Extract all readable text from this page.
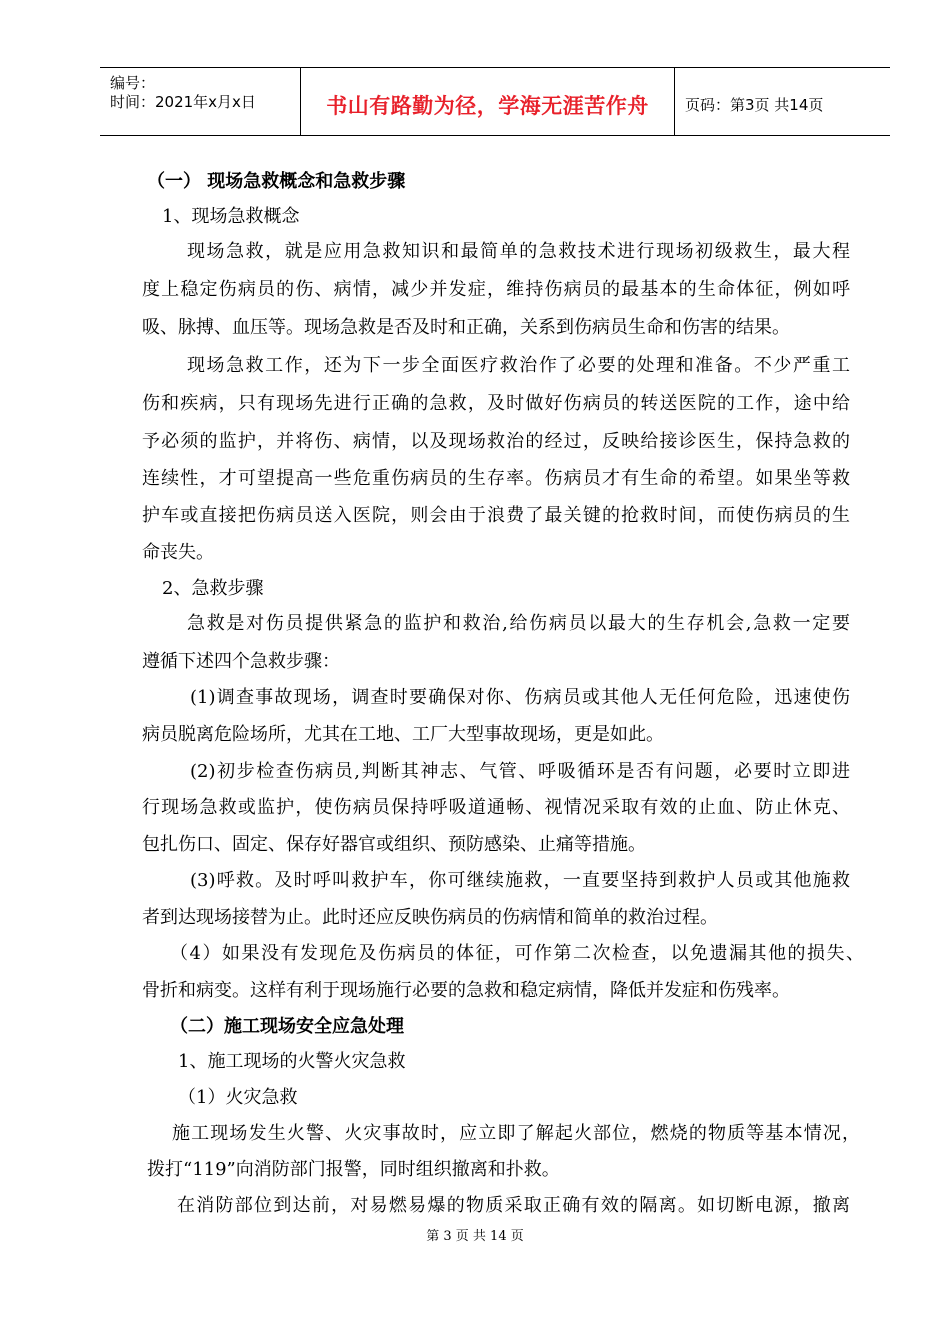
编号：
时间：2021年x月x日	书山有路勤为径，学海无涯苦作舟	页码：第3页 共14页
（一） 现场急救概念和急救步骤
1、现场急救概念
现场急救，就是应用急救知识和最简单的急救技术进行现场初级救生，最大程
度上稳定伤病员的伤、病情，减少并发症，维持伤病员的最基本的生命体征，例如呼
吸、脉搏、血压等。现场急救是否及时和正确，关系到伤病员生命和伤害的结果。
现场急救工作，还为下一步全面医疗救治作了必要的处理和准备。不少严重工
伤和疾病，只有现场先进行正确的急救，及时做好伤病员的转送医院的工作，途中给
予必须的监护，并将伤、病情，以及现场救治的经过，反映给接诊医生，保持急救的
连续性，才可望提高一些危重伤病员的生存率。伤病员才有生命的希望。如果坐等救
护车或直接把伤病员送入医院，则会由于浪费了最关键的抢救时间，而使伤病员的生
命丧失。
2、急救步骤
急救是对伤员提供紧急的监护和救治,给伤病员以最大的生存机会,急救一定要
遵循下述四个急救步骤：
(1)调查事故现场，调查时要确保对你、伤病员或其他人无任何危险，迅速使伤
病员脱离危险场所，尤其在工地、工厂大型事故现场，更是如此。
(2)初步检查伤病员,判断其神志、气管、呼吸循环是否有问题，必要时立即进
行现场急救或监护，使伤病员保持呼吸道通畅、视情况采取有效的止血、防止休克、
包扎伤口、固定、保存好器官或组织、预防感染、止痛等措施。
(3)呼救。及时呼叫救护车，你可继续施救，一直要坚持到救护人员或其他施救
者到达现场接替为止。此时还应反映伤病员的伤病情和简单的救治过程。
（4）如果没有发现危及伤病员的体征，可作第二次检查，以免遗漏其他的损失、
骨折和病变。这样有利于现场施行必要的急救和稳定病情，降低并发症和伤残率。
（二）施工现场安全应急处理
1、施工现场的火警火灾急救
（1）火灾急救
施工现场发生火警、火灾事故时，应立即了解起火部位，燃烧的物质等基本情况，
拨打“119”向消防部门报警，同时组织撤离和扑救。
在消防部位到达前，对易燃易爆的物质采取正确有效的隔离。如切断电源，撤离
第 3 页 共 14 页
